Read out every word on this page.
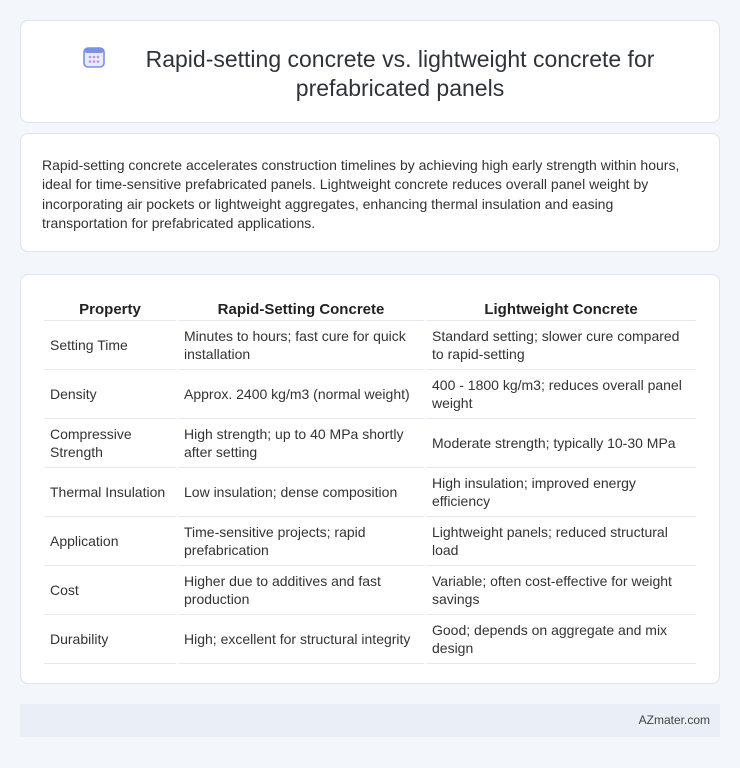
Rapid-setting concrete vs. lightweight concrete for prefabricated panels

Rapid-setting concrete accelerates construction timelines by achieving high early strength within hours, ideal for time-sensitive prefabricated panels. Lightweight concrete reduces overall panel weight by incorporating air pockets or lightweight aggregates, enhancing thermal insulation and easing transportation for prefabricated applications.

Property	Rapid-Setting Concrete	Lightweight Concrete
Setting Time	Minutes to hours; fast cure for quick installation	Standard setting; slower cure compared to rapid-setting
Density	Approx. 2400 kg/m3 (normal weight)	400 - 1800 kg/m3; reduces overall panel weight
Compressive Strength	High strength; up to 40 MPa shortly after setting	Moderate strength; typically 10-30 MPa
Thermal Insulation	Low insulation; dense composition	High insulation; improved energy efficiency
Application	Time-sensitive projects; rapid prefabrication	Lightweight panels; reduced structural load
Cost	Higher due to additives and fast production	Variable; often cost-effective for weight savings
Durability	High; excellent for structural integrity	Good; depends on aggregate and mix design
AZmater.com
